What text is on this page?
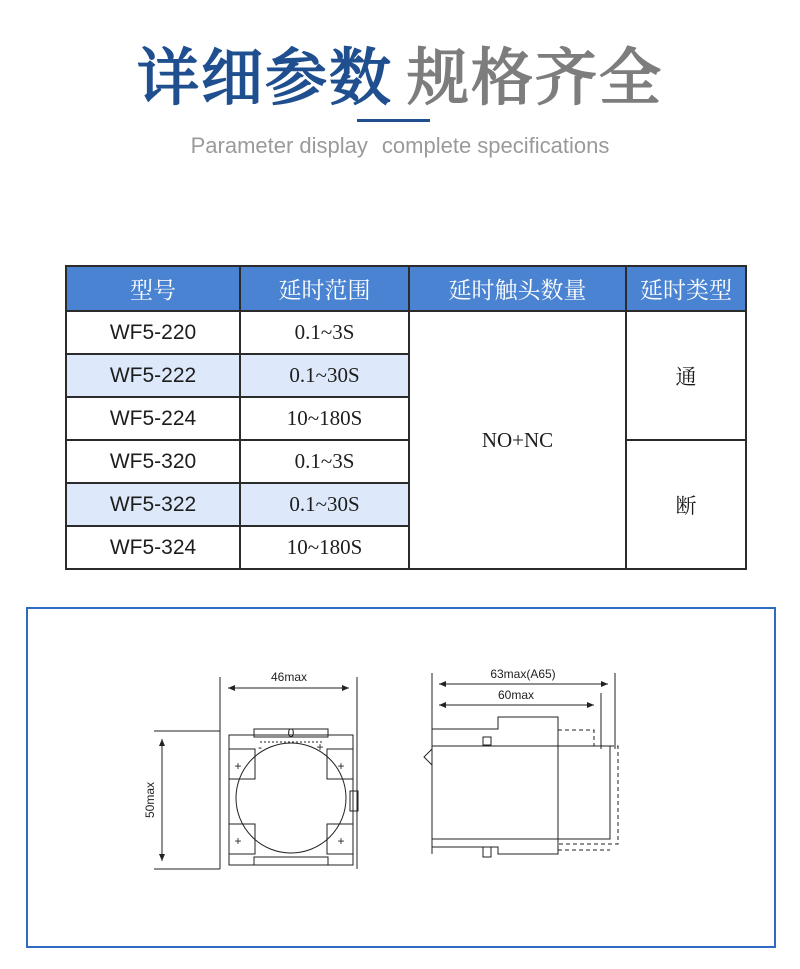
详细参数 规格齐全
Parameter display complete specifications
型号	延时范围	延时触头数量	延时类型
WF5-220	0.1~3S	NO+NC	通
WF5-222	0.1~30S		
WF5-224	10~180S		
WF5-320	0.1~3S		断
WF5-322	0.1~30S		
WF5-324	10~180S		
46max
50max
0
-	+
+	+
+	+
63max(A65)
60max
